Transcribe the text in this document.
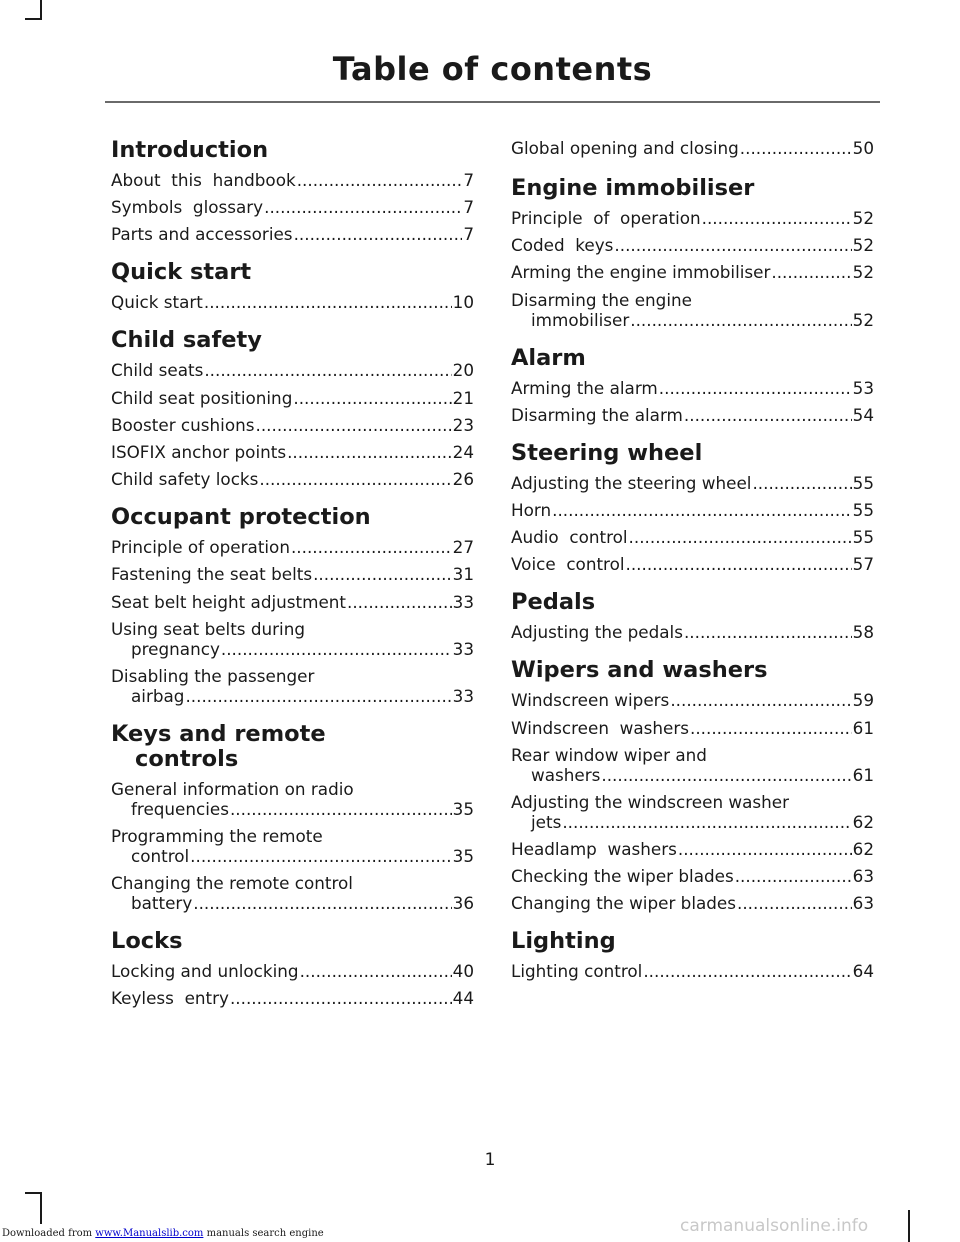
Table of contents
Introduction
About  this  handbook .....	7
Symbols  glossary .....	7
Parts and accessories .....	7
Quick start
Quick start .....	10
Child safety
Child seats .....	20
Child seat positioning .....	21
Booster cushions .....	23
ISOFIX anchor points .....	24
Child safety locks .....	26
Occupant protection
Principle of operation .....	27
Fastening the seat belts .....	31
Seat belt height adjustment .....	33
Using seat belts during
pregnancy .....	33
Disabling the passenger
airbag .....	33
Keys and remote
controls
General information on radio
frequencies .....	35
Programming the remote
control .....	35
Changing the remote control
battery .....	36
Locks
Locking and unlocking .....	40
Keyless  entry .....	44
Global opening and closing .....	50
Engine immobiliser
Principle  of  operation .....	52
Coded  keys .....	52
Arming the engine immobiliser .....	52
Disarming the engine
immobiliser .....	52
Alarm
Arming the alarm .....	53
Disarming the alarm .....	54
Steering wheel
Adjusting the steering wheel .....	55
Horn .....	55
Audio  control .....	55
Voice  control .....	57
Pedals
Adjusting the pedals .....	58
Wipers and washers
Windscreen wipers .....	59
Windscreen  washers .....	61
Rear window wiper and
washers .....	61
Adjusting the windscreen washer
jets .....	62
Headlamp  washers .....	62
Checking the wiper blades .....	63
Changing the wiper blades .....	63
Lighting
Lighting control .....	64
1
Downloaded from www.Manualslib.com manuals search engine	carmanualsonline.info
